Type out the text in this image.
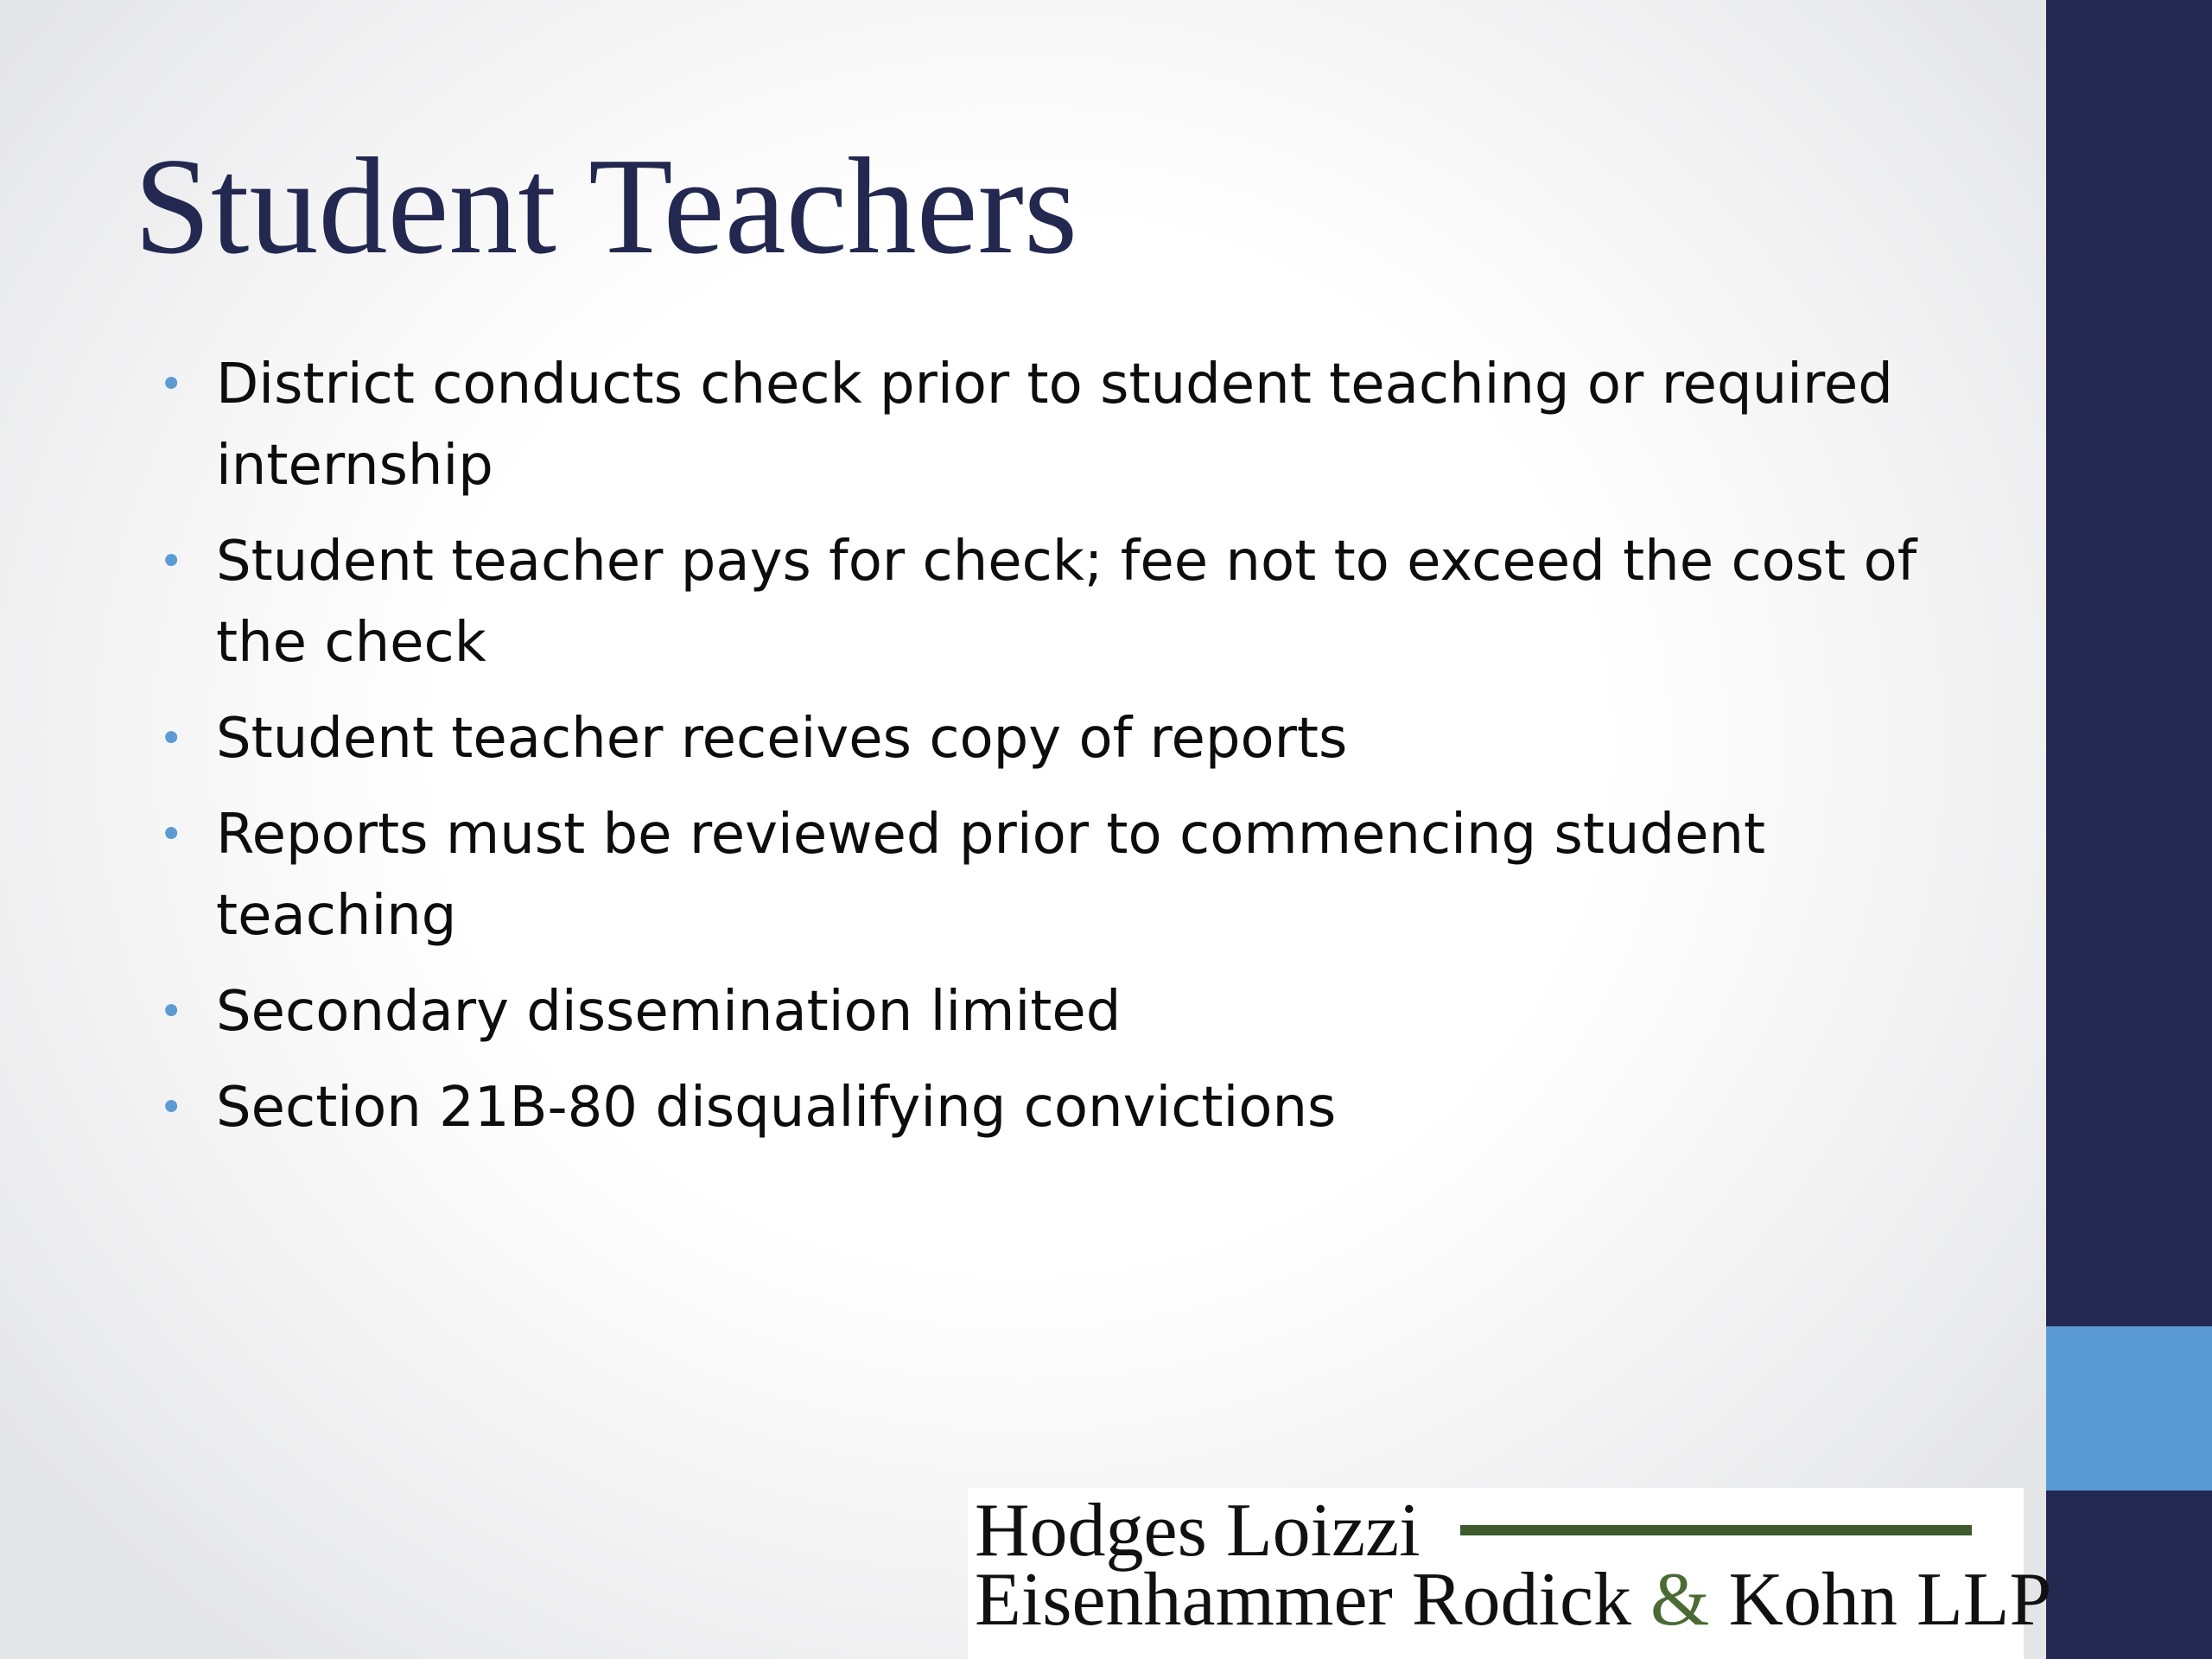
Student Teachers
• District conducts check prior to student teaching or required internship
• Student teacher pays for check; fee not to exceed the cost of the check
• Student teacher receives copy of reports
• Reports must be reviewed prior to commencing student teaching
• Secondary dissemination limited
• Section 21B-80 disqualifying convictions
Hodges Loizzi
Eisenhammer Rodick & Kohn LLP
